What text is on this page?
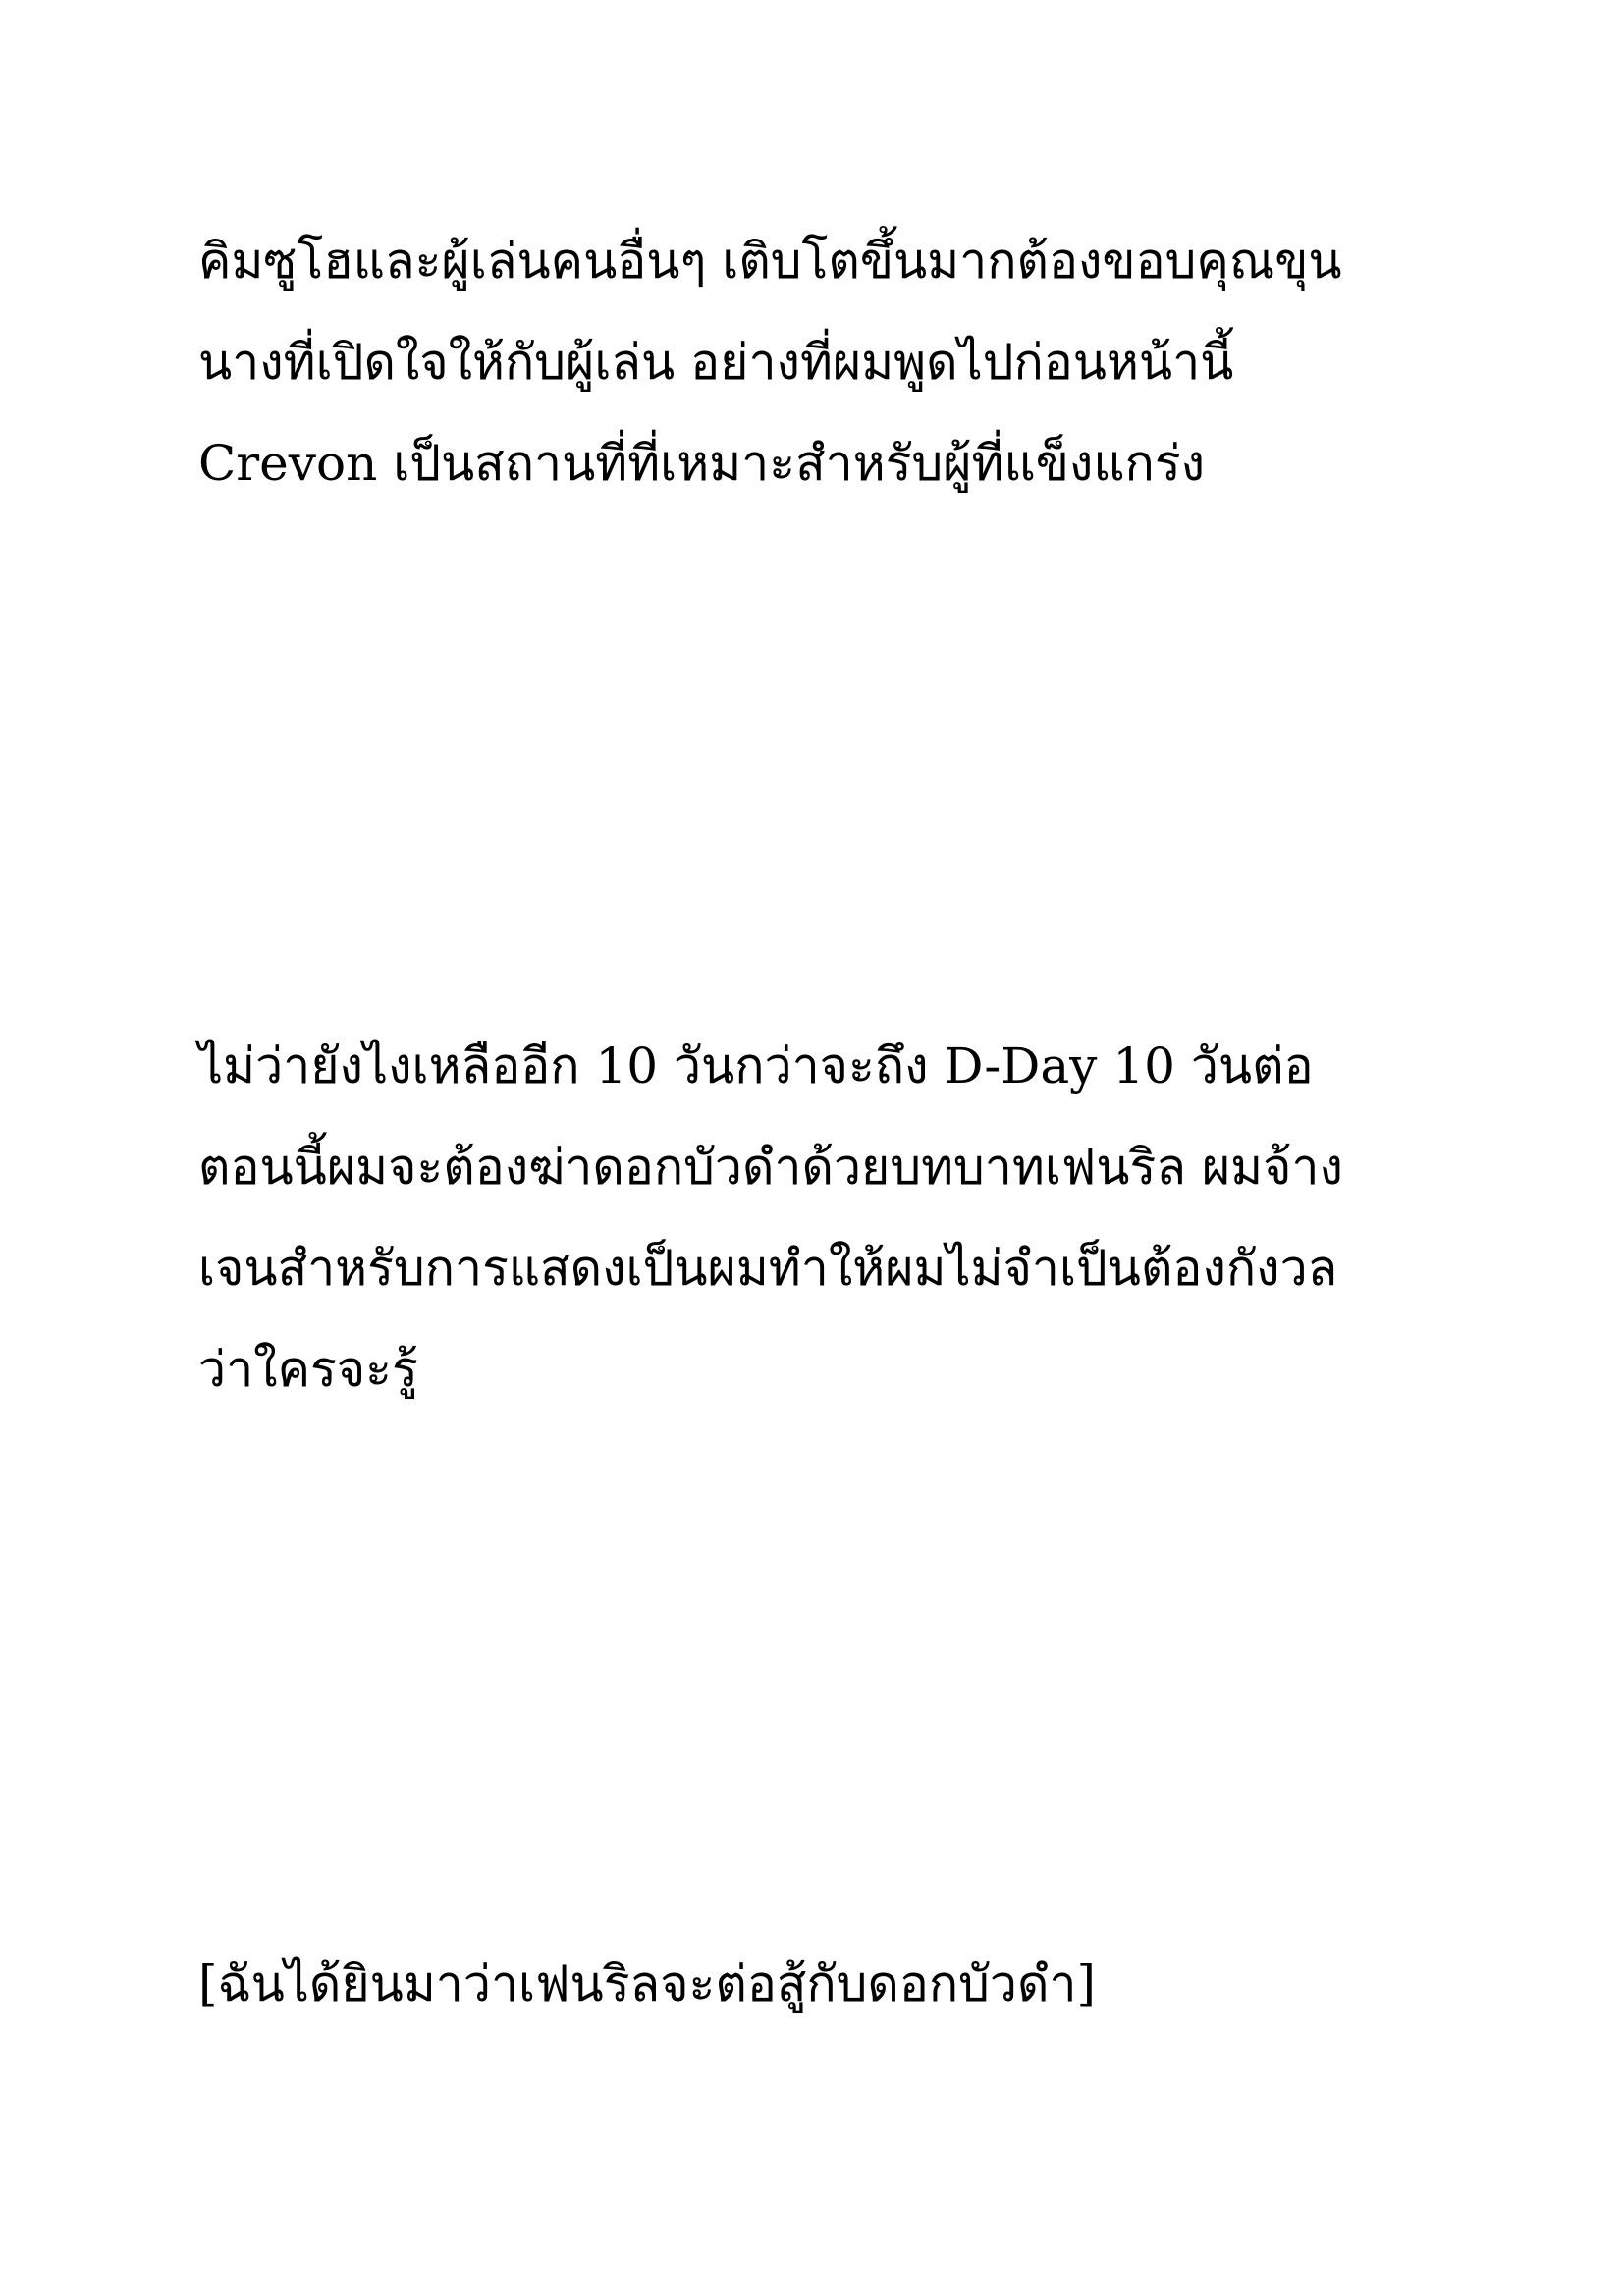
คิมซูโฮและผู้เล่นคนอื่นๆ เติบโตขึ้นมากต้องขอบคุณขุน
นางที่เปิดใจให้กับผู้เล่น อย่างที่ผมพูดไปก่อนหน้านี้
Crevon เป็นสถานที่ที่เหมาะสำหรับผู้ที่แข็งแกร่ง

ไม่ว่ายังไงเหลืออีก 10 วันกว่าจะถึง D-Day 10 วันต่อ
ตอนนี้ผมจะต้องฆ่าดอกบัวดำด้วยบทบาทเฟนริล ผมจ้าง
เจนสำหรับการแสดงเป็นผมทำให้ผมไม่จำเป็นต้องกังวล
ว่าใครจะรู้

[ฉันได้ยินมาว่าเฟนริลจะต่อสู้กับดอกบัวดำ]
